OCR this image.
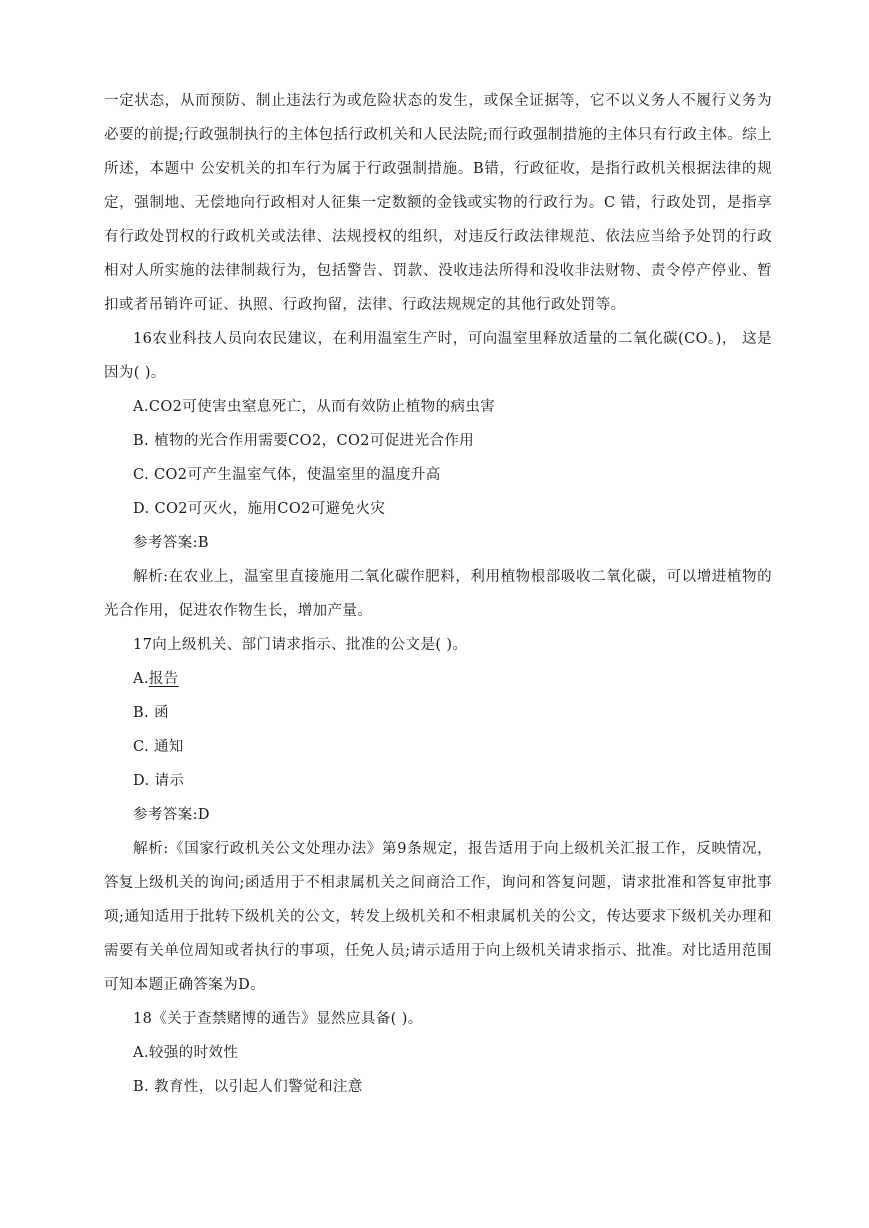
一定状态，从而预防、制止违法行为或危险状态的发生，或保全证据等，它不以义务人不履行义务为必要的前提;行政强制执行的主体包括行政机关和人民法院;而行政强制措施的主体只有行政主体。综上所述，本题中 公安机关的扣车行为属于行政强制措施。B错，行政征收，是指行政机关根据法律的规定，强制地、无偿地向行政相对人征集一定数额的金钱或实物的行政行为。C 错，行政处罚，是指享有行政处罚权的行政机关或法律、法规授权的组织，对违反行政法律规范、依法应当给予处罚的行政相对人所实施的法律制裁行为，包括警告、罚款、没收违法所得和没收非法财物、责令停产停业、暂扣或者吊销许可证、执照、行政拘留，法律、行政法规规定的其他行政处罚等。

16农业科技人员向农民建议，在利用温室生产时，可向温室里释放适量的二氧化碳(CO。)， 这是因为( )。

A.CO2可使害虫窒息死亡，从而有效防止植物的病虫害

B. 植物的光合作用需要CO2，CO2可促进光合作用

C. CO2可产生温室气体，使温室里的温度升高

D. CO2可灭火，施用CO2可避免火灾

参考答案:B

解析:在农业上，温室里直接施用二氧化碳作肥料，利用植物根部吸收二氧化碳，可以增进植物的光合作用，促进农作物生长，增加产量。

17向上级机关、部门请求指示、批准的公文是( )。

A.报告

B. 函

C. 通知

D. 请示

参考答案:D

解析:《国家行政机关公文处理办法》第9条规定，报告适用于向上级机关汇报工作，反映情况，答复上级机关的询问;函适用于不相隶属机关之间商洽工作，询问和答复问题，请求批准和答复审批事项;通知适用于批转下级机关的公文，转发上级机关和不相隶属机关的公文，传达要求下级机关办理和需要有关单位周知或者执行的事项，任免人员;请示适用于向上级机关请求指示、批准。对比适用范围可知本题正确答案为D。

18《关于查禁赌博的通告》显然应具备( )。

A.较强的时效性

B. 教育性，以引起人们警觉和注意
